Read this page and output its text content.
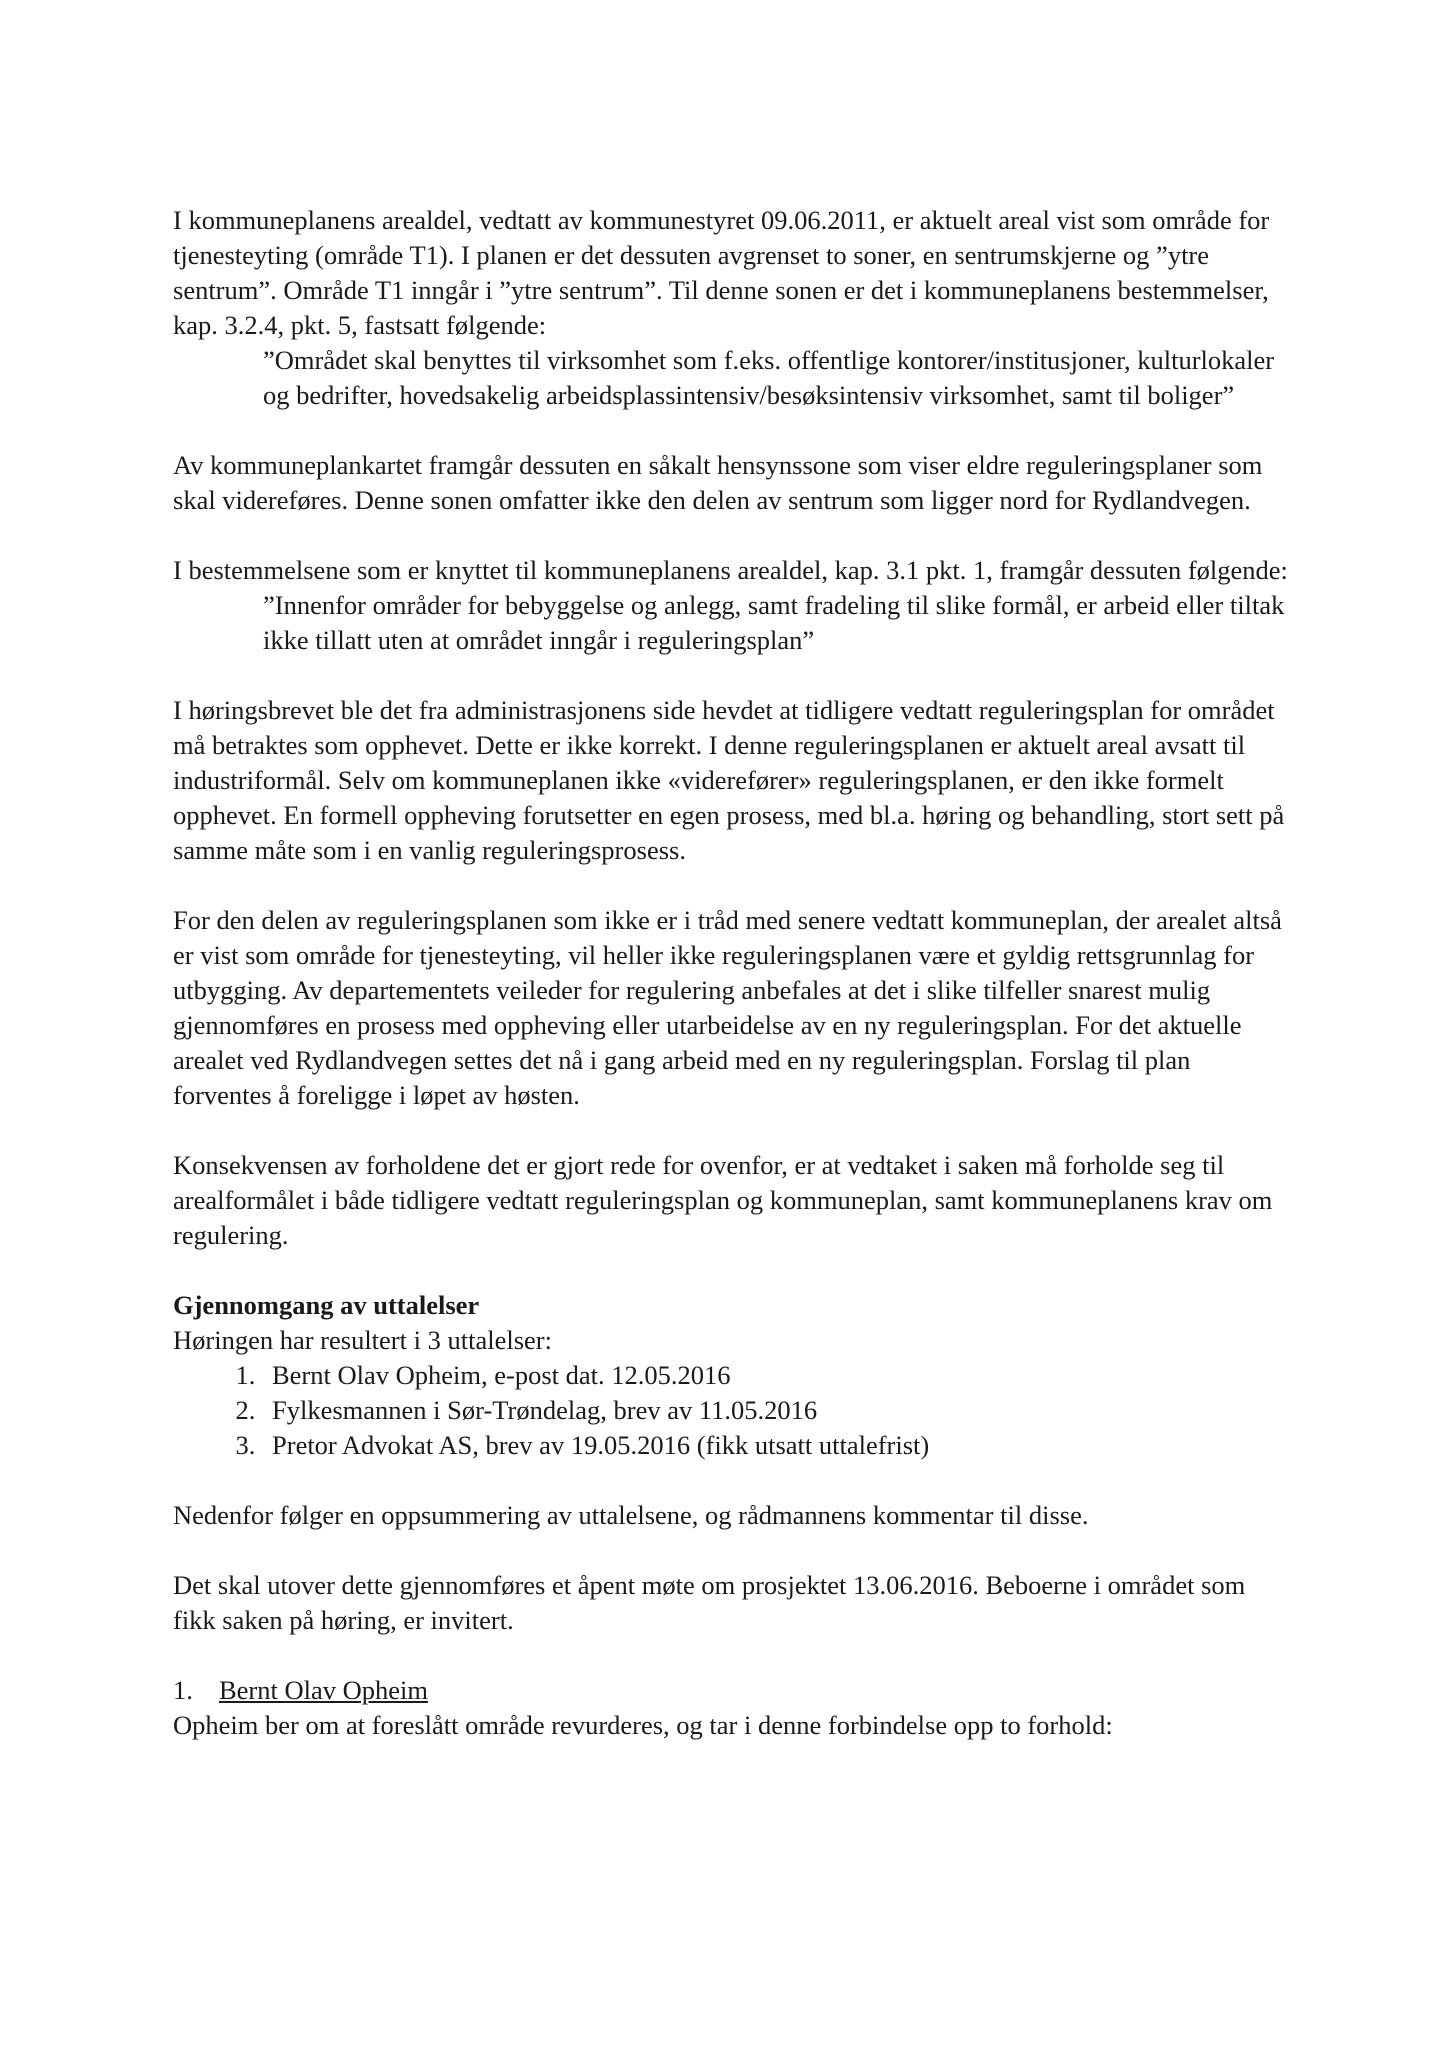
I kommuneplanens arealdel, vedtatt av kommunestyret 09.06.2011, er aktuelt areal vist som område for tjenesteyting (område T1). I planen er det dessuten avgrenset to soner, en sentrumskjerne og ”ytre sentrum”. Område T1 inngår i ”ytre sentrum”. Til denne sonen er det i kommuneplanens bestemmelser, kap. 3.2.4, pkt. 5, fastsatt følgende:

”Området skal benyttes til virksomhet som f.eks. offentlige kontorer/institusjoner, kulturlokaler og bedrifter, hovedsakelig arbeidsplassintensiv/besøksintensiv virksomhet, samt til boliger”

Av kommuneplankartet framgår dessuten en såkalt hensynssone som viser eldre reguleringsplaner som skal videreføres. Denne sonen omfatter ikke den delen av sentrum som ligger nord for Rydlandvegen.

I bestemmelsene som er knyttet til kommuneplanens arealdel, kap. 3.1 pkt. 1, framgår dessuten følgende:

”Innenfor områder for bebyggelse og anlegg, samt fradeling til slike formål, er arbeid eller tiltak ikke tillatt uten at området inngår i reguleringsplan”

I høringsbrevet ble det fra administrasjonens side hevdet at tidligere vedtatt reguleringsplan for området må betraktes som opphevet. Dette er ikke korrekt. I denne reguleringsplanen er aktuelt areal avsatt til industriformål. Selv om kommuneplanen ikke «viderefører» reguleringsplanen, er den ikke formelt opphevet. En formell oppheving forutsetter en egen prosess, med bl.a. høring og behandling, stort sett på samme måte som i en vanlig reguleringsprosess.

For den delen av reguleringsplanen som ikke er i tråd med senere vedtatt kommuneplan, der arealet altså er vist som område for tjenesteyting, vil heller ikke reguleringsplanen være et gyldig rettsgrunnlag for utbygging. Av departementets veileder for regulering anbefales at det i slike tilfeller snarest mulig gjennomføres en prosess med oppheving eller utarbeidelse av en ny reguleringsplan. For det aktuelle arealet ved Rydlandvegen settes det nå i gang arbeid med en ny reguleringsplan. Forslag til plan forventes å foreligge i løpet av høsten.

Konsekvensen av forholdene det er gjort rede for ovenfor, er at vedtaket i saken må forholde seg til arealformålet i både tidligere vedtatt reguleringsplan og kommuneplan, samt kommuneplanens krav om regulering.

Gjennomgang av uttalelser

Høringen har resultert i 3 uttalelser:

1. Bernt Olav Opheim, e-post dat. 12.05.2016
2. Fylkesmannen i Sør-Trøndelag, brev av 11.05.2016
3. Pretor Advokat AS, brev av 19.05.2016 (fikk utsatt uttalefrist)

Nedenfor følger en oppsummering av uttalelsene, og rådmannens kommentar til disse.

Det skal utover dette gjennomføres et åpent møte om prosjektet 13.06.2016. Beboerne i området som fikk saken på høring, er invitert.

1. Bernt Olav Opheim

Opheim ber om at foreslått område revurderes, og tar i denne forbindelse opp to forhold:
